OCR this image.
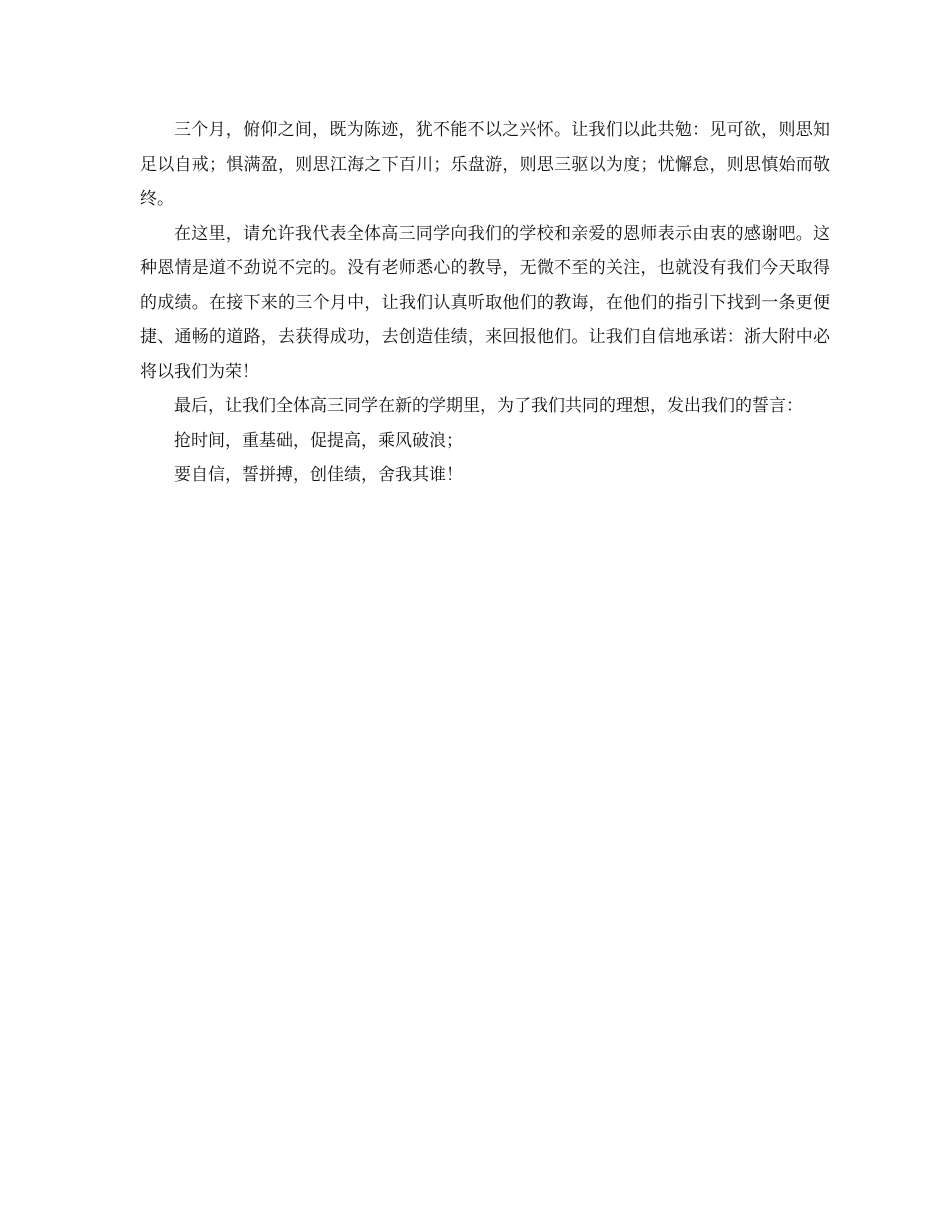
三个月，俯仰之间，既为陈迹，犹不能不以之兴怀。让我们以此共勉：见可欲，则思知足以自戒；惧满盈，则思江海之下百川；乐盘游，则思三驱以为度；忧懈怠，则思慎始而敬终。

在这里，请允许我代表全体高三同学向我们的学校和亲爱的恩师表示由衷的感谢吧。这种恩情是道不劲说不完的。没有老师悉心的教导，无微不至的关注，也就没有我们今天取得的成绩。在接下来的三个月中，让我们认真听取他们的教诲，在他们的指引下找到一条更便捷、通畅的道路，去获得成功，去创造佳绩，来回报他们。让我们自信地承诺：浙大附中必将以我们为荣！

最后，让我们全体高三同学在新的学期里，为了我们共同的理想，发出我们的誓言：

抢时间，重基础，促提高，乘风破浪；

要自信，誓拼搏，创佳绩，舍我其谁！
